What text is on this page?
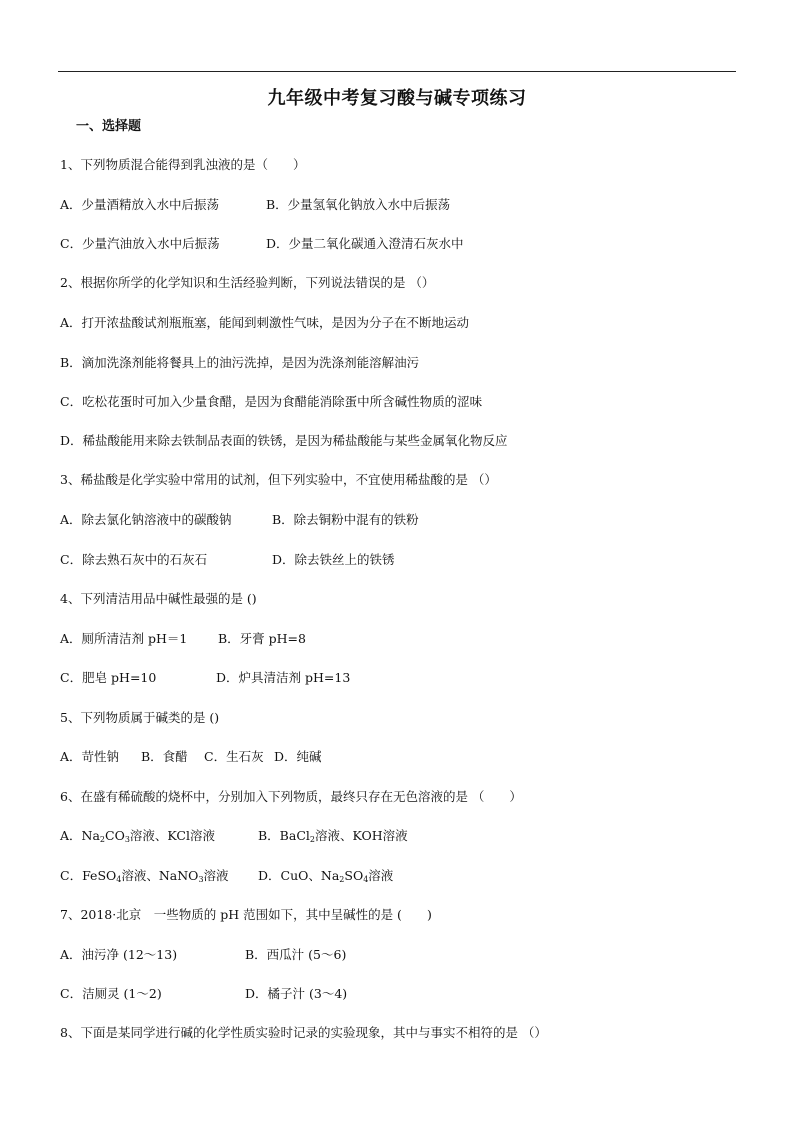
九年级中考复习酸与碱专项练习
一、选择题
1、下列物质混合能得到乳浊液的是（　　）
A．少量酒精放入水中后振荡	B．少量氢氧化钠放入水中后振荡
C．少量汽油放入水中后振荡	D．少量二氧化碳通入澄清石灰水中
2、根据你所学的化学知识和生活经验判断，下列说法错误的是 （）
A．打开浓盐酸试剂瓶瓶塞，能闻到刺激性气味，是因为分子在不断地运动
B．滴加洗涤剂能将餐具上的油污洗掉，是因为洗涤剂能溶解油污
C．吃松花蛋时可加入少量食醋，是因为食醋能消除蛋中所含碱性物质的涩味
D．稀盐酸能用来除去铁制品表面的铁锈，是因为稀盐酸能与某些金属氧化物反应
3、稀盐酸是化学实验中常用的试剂，但下列实验中，不宜使用稀盐酸的是 （）
A．除去氯化钠溶液中的碳酸钠	B．除去铜粉中混有的铁粉
C．除去熟石灰中的石灰石	D．除去铁丝上的铁锈
4、下列清洁用品中碱性最强的是 ()
A．厕所清洁剂 pH＝1 B．牙膏 pH=8
C．肥皂 pH=10	D．炉具清洁剂 pH=13
5、下列物质属于碱类的是 ()
A．苛性钠 B．食醋 C．生石灰 D．纯碱
6、在盛有稀硫酸的烧杯中，分别加入下列物质，最终只存在无色溶液的是 （　　）
A．$Na_2CO_3$溶液、KCl溶液	B．BaCl$_2$溶液、KOH溶液
C．FeSO$_4$溶液、NaNO$_3$溶液 D．CuO、$Na_2SO_4$溶液
7、2018·北京　一些物质的 pH 范围如下，其中呈碱性的是 (　　)
A．油污净 (12～13)	B．西瓜汁 (5～6)
C．洁厕灵 (1～2)	D．橘子汁 (3～4)
8、下面是某同学进行碱的化学性质实验时记录的实验现象，其中与事实不相符的是 （）
